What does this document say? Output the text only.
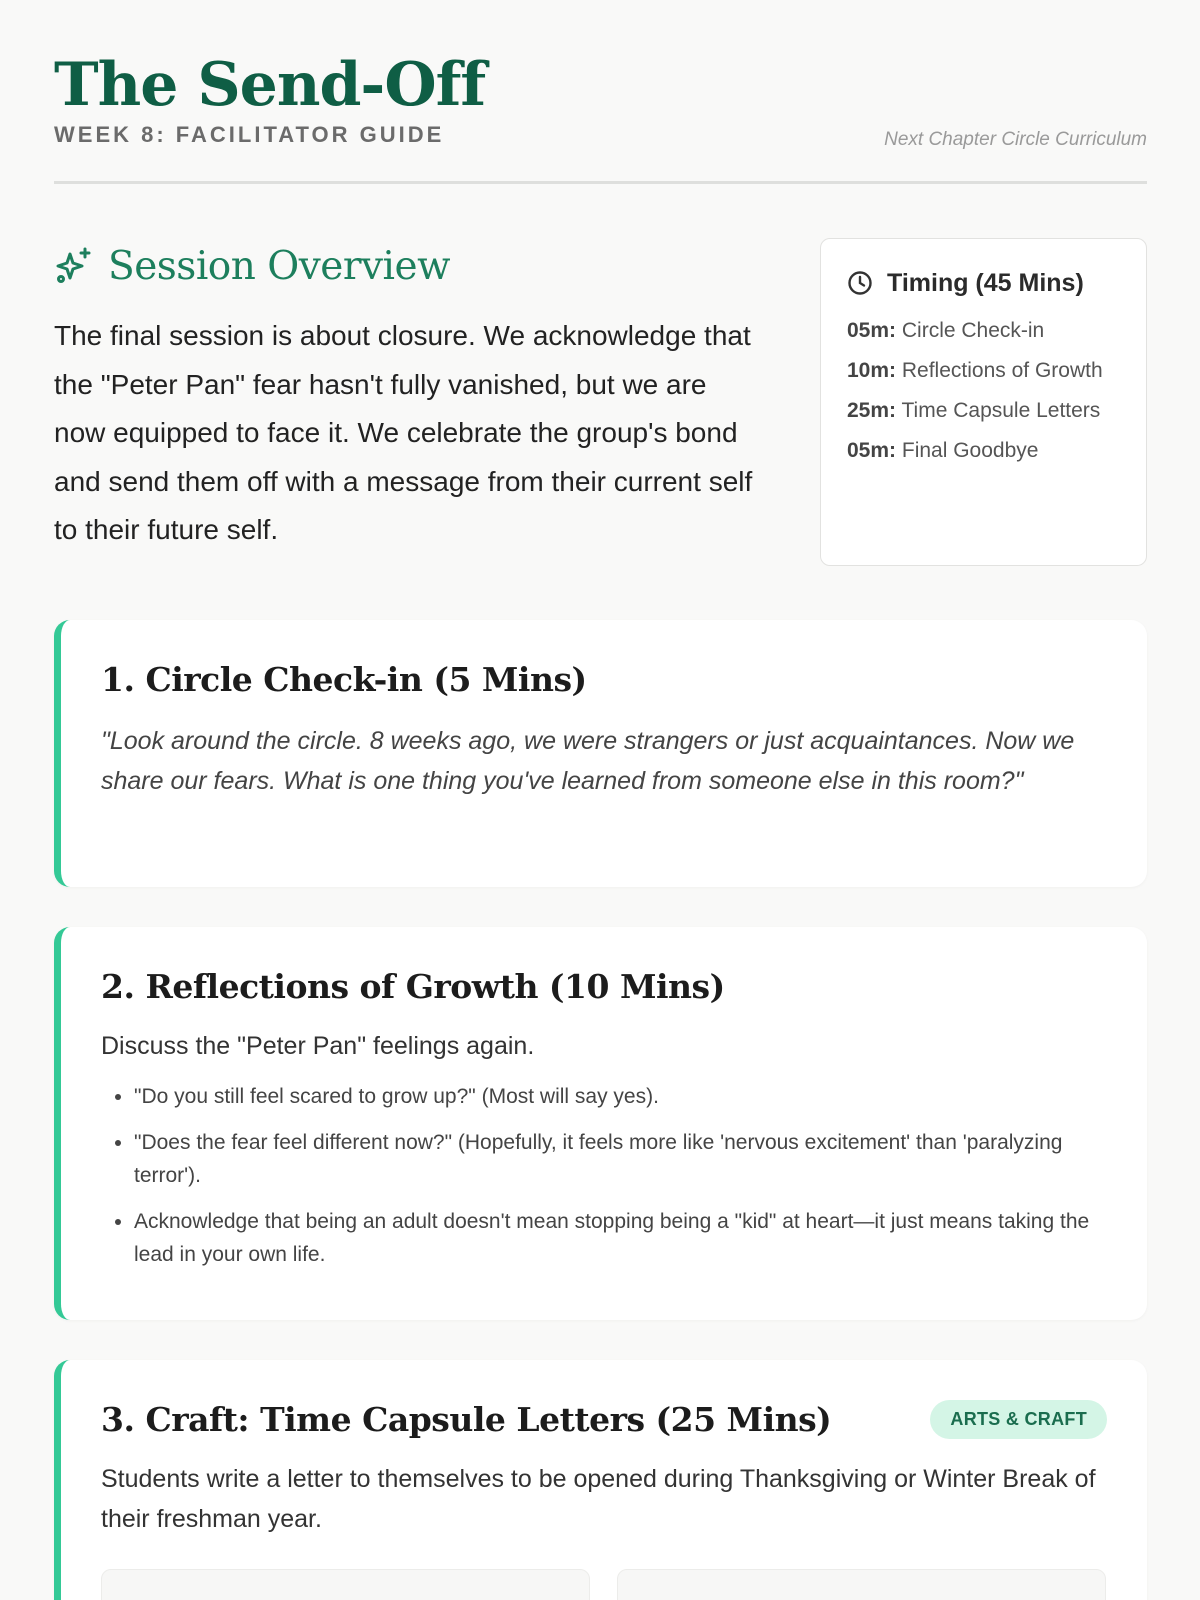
The Send-Off
WEEK 8: FACILITATOR GUIDE	Next Chapter Circle Curriculum
Session Overview

The final session is about closure. We acknowledge that the "Peter Pan" fear hasn't fully vanished, but we are now equipped to face it. We celebrate the group's bond and send them off with a message from their current self to their future self.

Timing (45 Mins)
05m: Circle Check-in
10m: Reflections of Growth
25m: Time Capsule Letters
05m: Final Goodbye
1. Circle Check-in (5 Mins)

"Look around the circle. 8 weeks ago, we were strangers or just acquaintances. Now we share our fears. What is one thing you've learned from someone else in this room?"

2. Reflections of Growth (10 Mins)

Discuss the "Peter Pan" feelings again.

• "Do you still feel scared to grow up?" (Most will say yes).
• "Does the fear feel different now?" (Hopefully, it feels more like 'nervous excitement' than 'paralyzing terror').
• Acknowledge that being an adult doesn't mean stopping being a "kid" at heart—it just means taking the lead in your own life.
3. Craft: Time Capsule Letters (25 Mins)	ARTS & CRAFT

Students write a letter to themselves to be opened during Thanksgiving or Winter Break of their freshman year.
